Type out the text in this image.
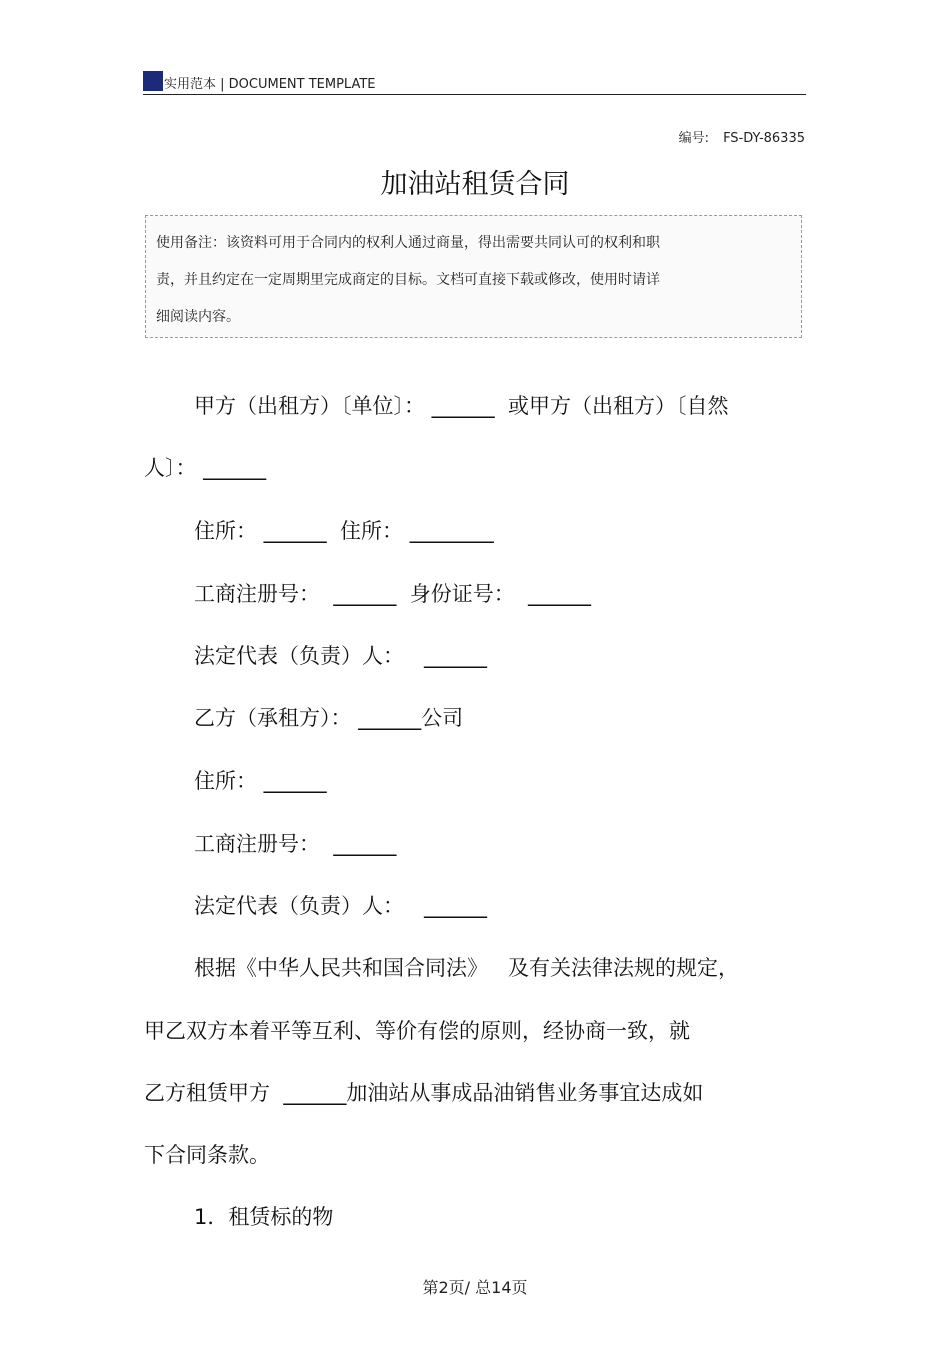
实用范本 | DOCUMENT TEMPLATE
编号: FS-DY-86335
加油站租赁合同
使用备注：该资料可用于合同内的权利人通过商量，得出需要共同认可的权利和职
责，并且约定在一定周期里完成商定的目标。文档可直接下载或修改，使用时请详
细阅读内容。
甲方（出租方）〔单位〕： ______  或甲方（出租方）〔自然
人〕： ______
住所： ______  住所： ________
工商注册号：  ______  身份证号：  ______
法定代表（负责）人：   ______
乙方（承租方）： ______公司
住所： ______
工商注册号：  ______
法定代表（负责）人：   ______
根据《中华人民共和国合同法》   及有关法律法规的规定，
甲乙双方本着平等互利、等价有偿的原则，经协商一致，就
乙方租赁甲方  ______加油站从事成品油销售业务事宜达成如
下合同条款。
1．租赁标的物
第2页/ 总14页
